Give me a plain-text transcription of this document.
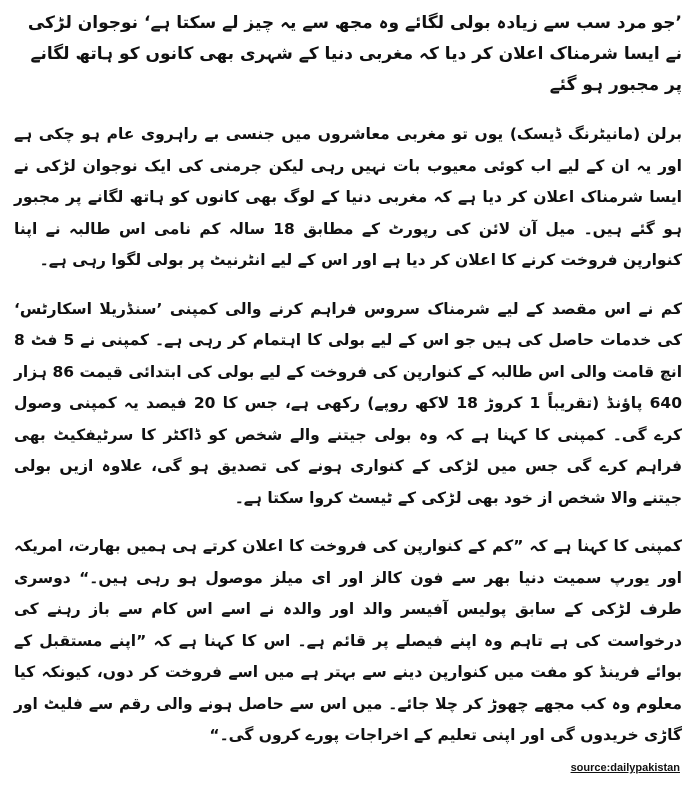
’جو مرد سب سے زیادہ بولی لگائے وہ مجھ سے یہ چیز لے سکتا ہے‘ نوجوان لڑکی نے ایسا شرمناک اعلان کر دیا کہ مغربی دنیا کے شہری بھی کانوں کو ہاتھ لگانے پر مجبور ہو گئے

برلن (مانیٹرنگ ڈیسک) یوں تو مغربی معاشروں میں جنسی بے راہروی عام ہو چکی ہے اور یہ ان کے لیے اب کوئی معیوب بات نہیں رہی لیکن جرمنی کی ایک نوجوان لڑکی نے ایسا شرمناک اعلان کر دیا ہے کہ مغربی دنیا کے لوگ بھی کانوں کو ہاتھ لگانے پر مجبور ہو گئے ہیں۔ میل آن لائن کی رپورٹ کے مطابق 18 سالہ کم نامی اس طالبہ نے اپنا کنوارپن فروخت کرنے کا اعلان کر دیا ہے اور اس کے لیے انٹرنیٹ پر بولی لگوا رہی ہے۔

کم نے اس مقصد کے لیے شرمناک سروس فراہم کرنے والی کمپنی ’سنڈریلا اسکارٹس‘ کی خدمات حاصل کی ہیں جو اس کے لیے بولی کا اہتمام کر رہی ہے۔ کمپنی نے 5 فٹ 8 انچ قامت والی اس طالبہ کے کنوارپن کی فروخت کے لیے بولی کی ابتدائی قیمت 86 ہزار 640 پاؤنڈ (تقریباً 1 کروڑ 18 لاکھ روپے) رکھی ہے، جس کا 20 فیصد یہ کمپنی وصول کرے گی۔ کمپنی کا کہنا ہے کہ وہ بولی جیتنے والے شخص کو ڈاکٹر کا سرٹیفکیٹ بھی فراہم کرے گی جس میں لڑکی کے کنواری ہونے کی تصدیق ہو گی، علاوہ ازیں بولی جیتنے والا شخص از خود بھی لڑکی کے ٹیسٹ کروا سکتا ہے۔

کمپنی کا کہنا ہے کہ ”کم کے کنوارپن کی فروخت کا اعلان کرتے ہی ہمیں بھارت، امریکہ اور یورپ سمیت دنیا بھر سے فون کالز اور ای میلز موصول ہو رہی ہیں۔“ دوسری طرف لڑکی کے سابق پولیس آفیسر والد اور والدہ نے اسے اس کام سے باز رہنے کی درخواست کی ہے تاہم وہ اپنے فیصلے پر قائم ہے۔ اس کا کہنا ہے کہ ”اپنے مستقبل کے بوائے فرینڈ کو مفت میں کنوارپن دینے سے بہتر ہے میں اسے فروخت کر دوں، کیونکہ کیا معلوم وہ کب مجھے چھوڑ کر چلا جائے۔ میں اس سے حاصل ہونے والی رقم سے فلیٹ اور گاڑی خریدوں گی اور اپنی تعلیم کے اخراجات پورے کروں گی۔“

source:dailypakistan
